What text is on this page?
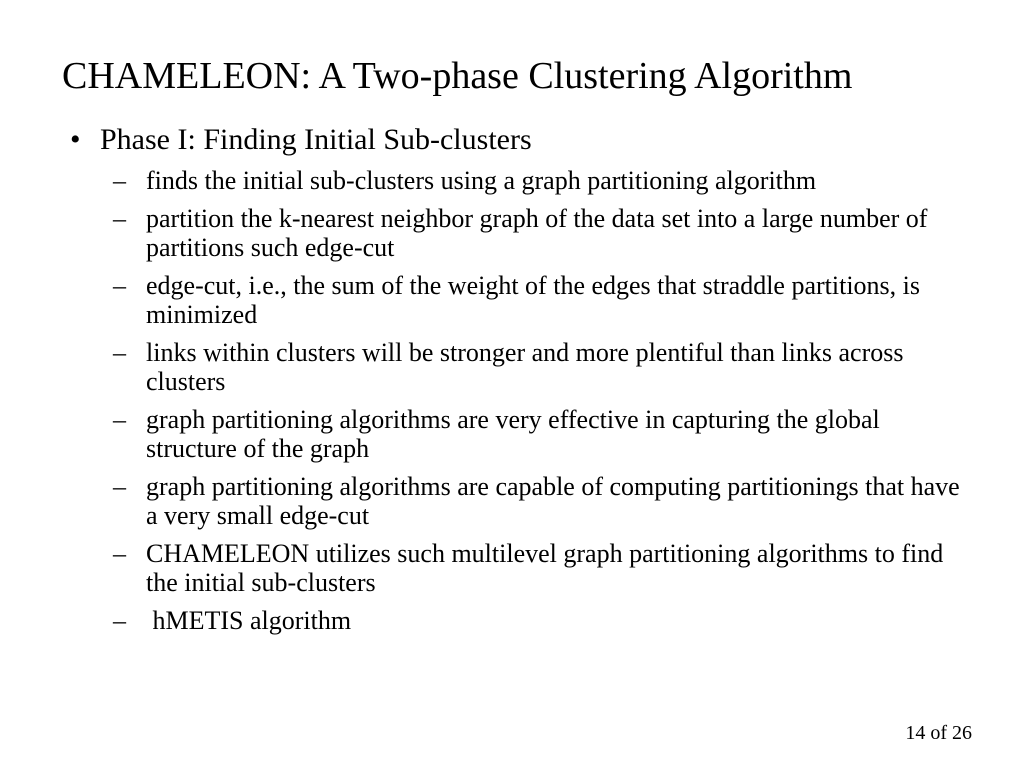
CHAMELEON: A Two-phase Clustering Algorithm
• Phase I: Finding Initial Sub-clusters
– finds the initial sub-clusters using a graph partitioning algorithm
– partition the k-nearest neighbor graph of the data set into a large number of partitions such edge-cut
– edge-cut, i.e., the sum of the weight of the edges that straddle partitions, is minimized
– links within clusters will be stronger and more plentiful than links across clusters
– graph partitioning algorithms are very effective in capturing the global structure of the graph
– graph partitioning algorithms are capable of computing partitionings that have a very small edge-cut
– CHAMELEON utilizes such multilevel graph partitioning algorithms to find the initial sub-clusters
– hMETIS algorithm
14 of 26
